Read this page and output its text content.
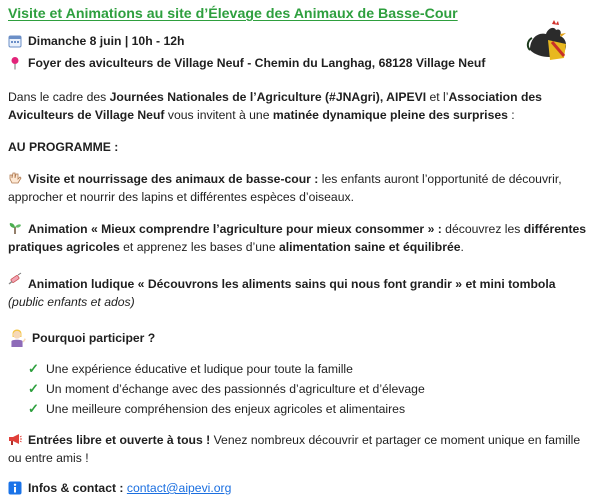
Visite et Animations au site d’Élevage des Animaux de Basse-Cour
Dimanche 8 juin | 10h - 12h
Foyer des aviculteurs de Village Neuf - Chemin du Langhag, 68128 Village Neuf
Dans le cadre des Journées Nationales de l’Agriculture (#JNAgri), AIPEVI et l’Association des Aviculteurs de Village Neuf vous invitent à une matinée dynamique pleine des surprises :
AU PROGRAMME :
Visite et nourrissage des animaux de basse-cour : les enfants auront l’opportunité de découvrir, approcher et nourrir des lapins et différentes espèces d’oiseaux.
Animation « Mieux comprendre l’agriculture pour mieux consommer » : découvrez les différentes pratiques agricoles et apprenez les bases d’une alimentation saine et équilibrée.
Animation ludique « Découvrons les aliments sains qui nous font grandir » et mini tombola
(public enfants et ados)
Pourquoi participer ?
✓ Une expérience éducative et ludique pour toute la famille
✓ Un moment d’échange avec des passionnés d’agriculture et d’élevage
✓ Une meilleure compréhension des enjeux agricoles et alimentaires
Entrées libre et ouverte à tous ! Venez nombreux découvrir et partager ce moment unique en famille ou entre amis !
Infos & contact :
contact@aipevi.org
